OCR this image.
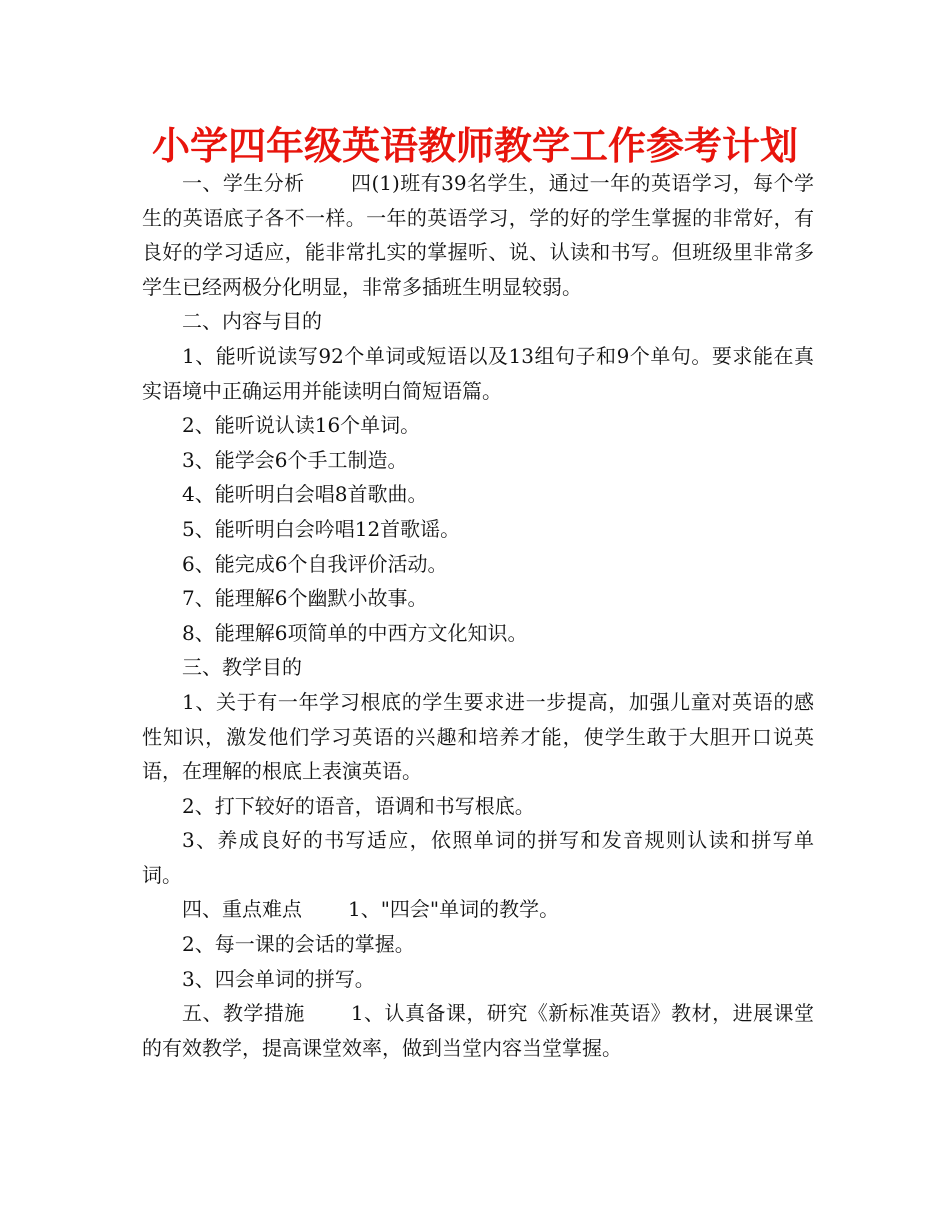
小学四年级英语教师教学工作参考计划

一、学生分析 四(1)班有39名学生，通过一年的英语学习，每个学生的英语底子各不一样。一年的英语学习，学的好的学生掌握的非常好，有良好的学习适应，能非常扎实的掌握听、说、认读和书写。但班级里非常多学生已经两极分化明显，非常多插班生明显较弱。

二、内容与目的

1、能听说读写92个单词或短语以及13组句子和9个单句。要求能在真实语境中正确运用并能读明白简短语篇。

2、能听说认读16个单词。

3、能学会6个手工制造。

4、能听明白会唱8首歌曲。

5、能听明白会吟唱12首歌谣。

6、能完成6个自我评价活动。

7、能理解6个幽默小故事。

8、能理解6项简单的中西方文化知识。

三、教学目的

1、关于有一年学习根底的学生要求进一步提高，加强儿童对英语的感性知识，激发他们学习英语的兴趣和培养才能，使学生敢于大胆开口说英语，在理解的根底上表演英语。

2、打下较好的语音，语调和书写根底。

3、养成良好的书写适应，依照单词的拼写和发音规则认读和拼写单词。

四、重点难点 1、"四会"单词的教学。

2、每一课的会话的掌握。

3、四会单词的拼写。

五、教学措施 1、认真备课，研究《新标准英语》教材，进展课堂的有效教学，提高课堂效率，做到当堂内容当堂掌握。
